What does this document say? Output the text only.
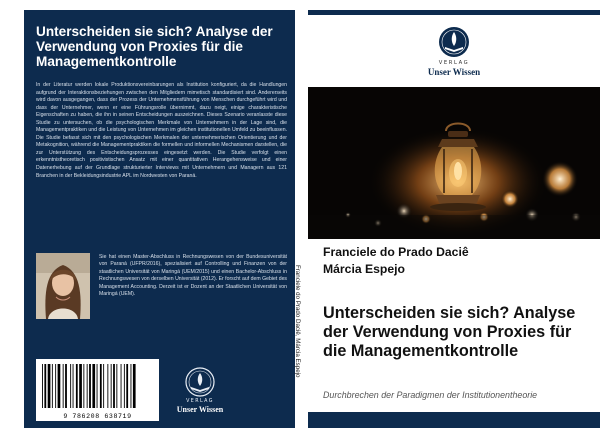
Unterscheiden sie sich? Analyse der Verwendung von Proxies für die Managementkontrolle
In der Literatur werden lokale Produktionsvereinbarungen als Institution konfiguriert, da die Handlungen aufgrund der Interaktionsbeziehungen zwischen den Mitgliedern mimetisch standardisiert sind. Andererseits wird davon ausgegangen, dass der Prozess der Unternehmensführung von Menschen durchgeführt wird und dass der Unternehmer, wenn er eine Führungsrolle übernimmt, dazu neigt, einige charakteristische Eigenschaften zu haben, die ihn in seinen Entscheidungen auszeichnen. Dieses Szenario veranlasste diese Studie zu untersuchen, ob die psychologischen Merkmale von Unternehmern in der Lage sind, die Managementpraktiken und die Leistung von Unternehmen im gleichen institutionellen Umfeld zu beeinflussen. Die Studie befasst sich mit den psychologischen Merkmalen der unternehmerischen Orientierung und der Metakognition, während die Managementpraktiken die formellen und informellen Mechanismen darstellen, die zur Unterstützung des Entscheidungsprozesses eingesetzt werden. Die Studie verfolgt einen erkenntnistheoretisch positivistischen Ansatz mit einer quantitativen Herangehensweise und einer Datenerhebung auf der Grundlage strukturierter Interviews mit Unternehmern und Managern aus 121 Branchen in der Bekleidungsindustrie APL im Nordwesten von Paraná.
Sie hat einen Master-Abschluss in Rechnungswesen von der Bundesuniversität von Paraná (UFPR/2016), spezialisiert auf Controlling und Finanzen von der staatlichen Universität von Maringá (UEM/2015) und einen Bachelor-Abschluss in Rechnungswesen von derselben Universität (2012). Er forscht auf dem Gebiet des Management Accounting. Derzeit ist er Dozent an der Staatlichen Universität von Maringá (UEM).
9 786208 638719
VERLAG
Unser Wissen
Franciele do Prado Daciê, Márcia Espejo
VERLAG
Unser Wissen
Franciele do Prado Daciê
Márcia Espejo
Unterscheiden sie sich? Analyse der Verwendung von Proxies für die Managementkontrolle
Durchbrechen der Paradigmen der Institutionentheorie
